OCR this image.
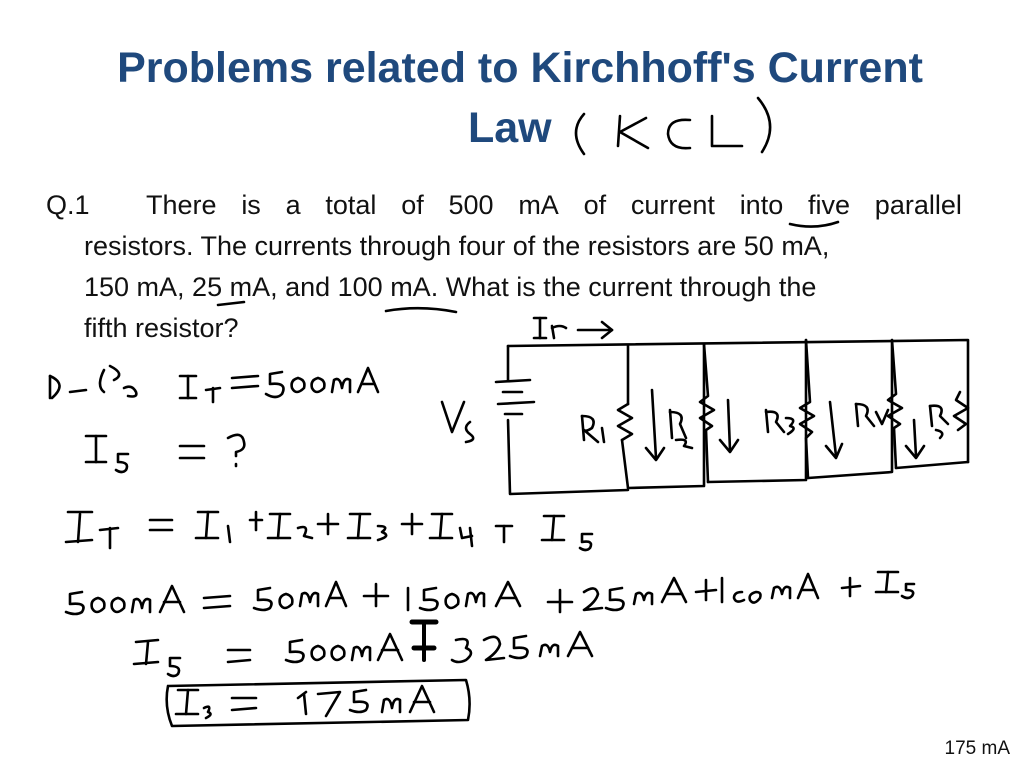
Problems related to Kirchhoff's Current
Law
Q.1	There is a total of 500 mA of current into five parallel
resistors. The currents through four of the resistors are 50 mA,
150 mA, 25 mA, and 100 mA. What is the current through the
fifth resistor?
175 mA
